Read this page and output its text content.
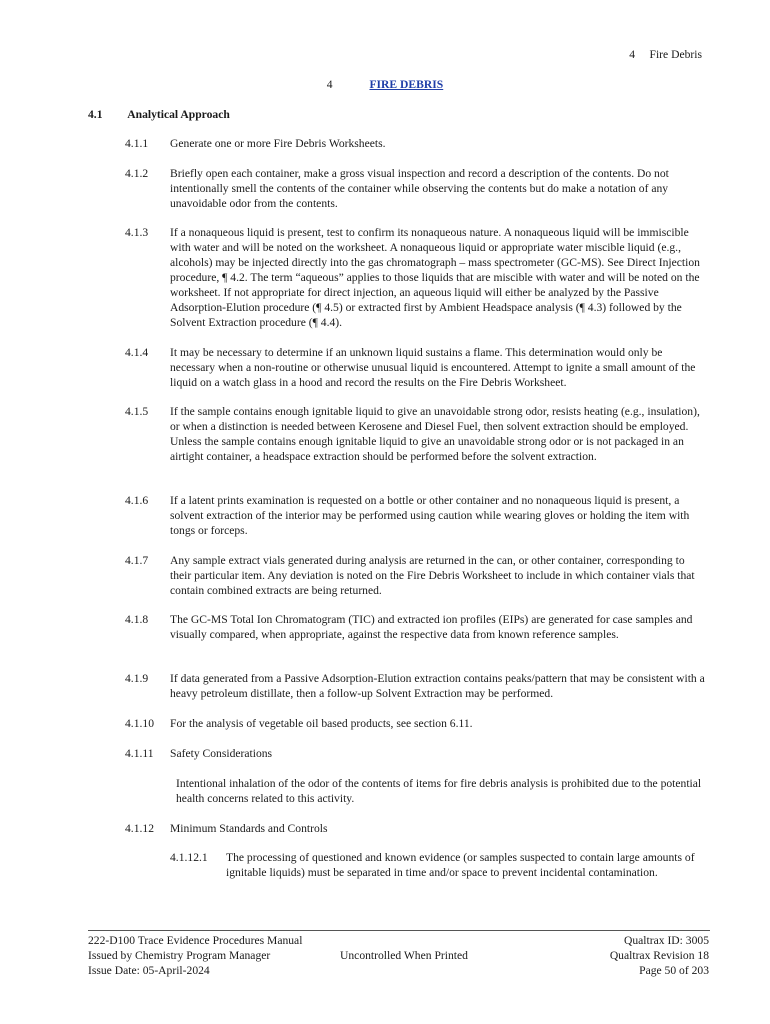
4     Fire Debris
4	FIRE DEBRIS
4.1 Analytical Approach
4.1.1 Generate one or more Fire Debris Worksheets.
4.1.2 Briefly open each container, make a gross visual inspection and record a description of the contents. Do not intentionally smell the contents of the container while observing the contents but do make a notation of any unavoidable odor from the contents.
4.1.3 If a nonaqueous liquid is present, test to confirm its nonaqueous nature. A nonaqueous liquid will be immiscible with water and will be noted on the worksheet. A nonaqueous liquid or appropriate water miscible liquid (e.g., alcohols) may be injected directly into the gas chromatograph – mass spectrometer (GC-MS). See Direct Injection procedure, ¶ 4.2. The term “aqueous” applies to those liquids that are miscible with water and will be noted on the worksheet. If not appropriate for direct injection, an aqueous liquid will either be analyzed by the Passive Adsorption-Elution procedure (¶ 4.5) or extracted first by Ambient Headspace analysis (¶ 4.3) followed by the Solvent Extraction procedure (¶ 4.4).
4.1.4 It may be necessary to determine if an unknown liquid sustains a flame. This determination would only be necessary when a non-routine or otherwise unusual liquid is encountered. Attempt to ignite a small amount of the liquid on a watch glass in a hood and record the results on the Fire Debris Worksheet.
4.1.5 If the sample contains enough ignitable liquid to give an unavoidable strong odor, resists heating (e.g., insulation), or when a distinction is needed between Kerosene and Diesel Fuel, then solvent extraction should be employed. Unless the sample contains enough ignitable liquid to give an unavoidable strong odor or is not packaged in an airtight container, a headspace extraction should be performed before the solvent extraction.
4.1.6 If a latent prints examination is requested on a bottle or other container and no nonaqueous liquid is present, a solvent extraction of the interior may be performed using caution while wearing gloves or holding the item with tongs or forceps.
4.1.7 Any sample extract vials generated during analysis are returned in the can, or other container, corresponding to their particular item. Any deviation is noted on the Fire Debris Worksheet to include in which container vials that contain combined extracts are being returned.
4.1.8 The GC-MS Total Ion Chromatogram (TIC) and extracted ion profiles (EIPs) are generated for case samples and visually compared, when appropriate, against the respective data from known reference samples.
4.1.9 If data generated from a Passive Adsorption-Elution extraction contains peaks/pattern that may be consistent with a heavy petroleum distillate, then a follow-up Solvent Extraction may be performed.
4.1.10 For the analysis of vegetable oil based products, see section 6.11.
4.1.11 Safety Considerations
Intentional inhalation of the odor of the contents of items for fire debris analysis is prohibited due to the potential health concerns related to this activity.
4.1.12 Minimum Standards and Controls
4.1.12.1 The processing of questioned and known evidence (or samples suspected to contain large amounts of ignitable liquids) must be separated in time and/or space to prevent incidental contamination.
222-D100 Trace Evidence Procedures Manual
Issued by Chemistry Program Manager
Issue Date: 05-April-2024
Uncontrolled When Printed
Qualtrax ID: 3005
Qualtrax Revision 18
Page 50 of 203
